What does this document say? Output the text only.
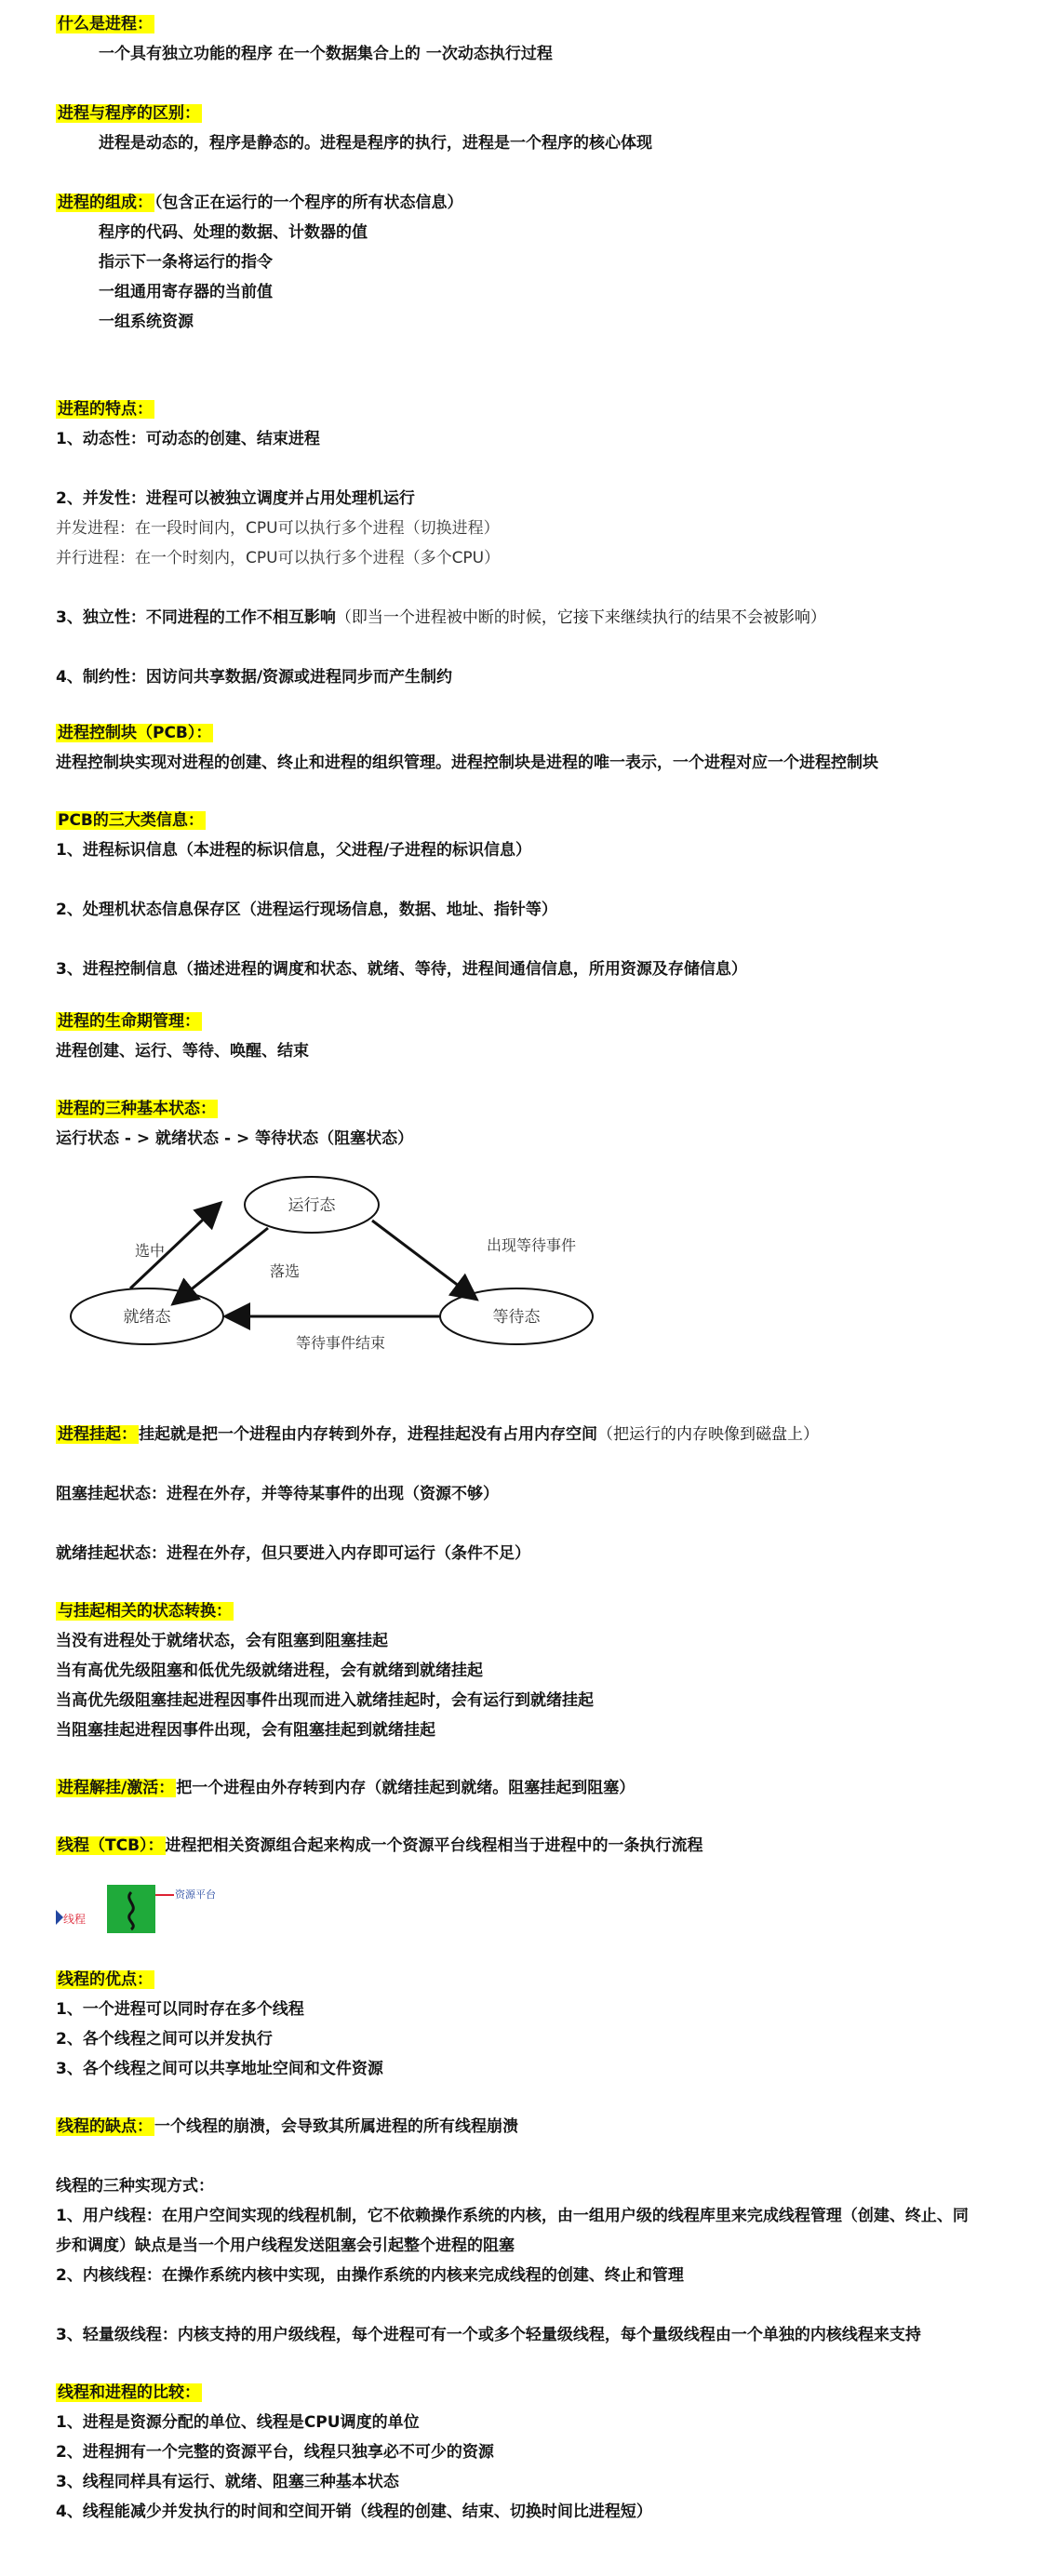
什么是进程：
一个具有独立功能的程序 在一个数据集合上的 一次动态执行过程
进程与程序的区别：
进程是动态的，程序是静态的。进程是程序的执行，进程是一个程序的核心体现
进程的组成： （包含正在运行的一个程序的所有状态信息）
程序的代码、处理的数据、计数器的值
指示下一条将运行的指令
一组通用寄存器的当前值
一组系统资源
进程的特点：
1、动态性：可动态的创建、结束进程
2、并发性：进程可以被独立调度并占用处理机运行
并发进程：在一段时间内，CPU可以执行多个进程（切换进程）
并行进程：在一个时刻内，CPU可以执行多个进程（多个CPU）
3、独立性：不同进程的工作不相互影响（即当一个进程被中断的时候，它接下来继续执行的结果不会被影响）
4、制约性：因访问共享数据/资源或进程同步而产生制约
进程控制块（PCB）：
进程控制块实现对进程的创建、终止和进程的组织管理。进程控制块是进程的唯一表示，一个进程对应一个进程控制块
PCB的三大类信息：
1、进程标识信息（本进程的标识信息，父进程/子进程的标识信息）
2、处理机状态信息保存区（进程运行现场信息，数据、地址、指针等）
3、进程控制信息（描述进程的调度和状态、就绪、等待，进程间通信信息，所用资源及存储信息）
进程的生命期管理：
进程创建、运行、等待、唤醒、结束
进程的三种基本状态：
运行状态 - > 就绪状态 - > 等待状态（阻塞状态）
运行态
就绪态	等待态
选中
落选
出现等待事件
等待事件结束
进程挂起： 挂起就是把一个进程由内存转到外存，进程挂起没有占用内存空间（把运行的内存映像到磁盘上）
阻塞挂起状态：进程在外存，并等待某事件的出现（资源不够）
就绪挂起状态：进程在外存，但只要进入内存即可运行（条件不足）
与挂起相关的状态转换：
当没有进程处于就绪状态，会有阻塞到阻塞挂起
当有高优先级阻塞和低优先级就绪进程，会有就绪到就绪挂起
当高优先级阻塞挂起进程因事件出现而进入就绪挂起时，会有运行到就绪挂起
当阻塞挂起进程因事件出现，会有阻塞挂起到就绪挂起
进程解挂/激活： 把一个进程由外存转到内存（就绪挂起到就绪。阻塞挂起到阻塞）
线程（TCB）： 进程把相关资源组合起来构成一个资源平台线程相当于进程中的一条执行流程
资源平台
线程
线程的优点：
1、一个进程可以同时存在多个线程
2、各个线程之间可以并发执行
3、各个线程之间可以共享地址空间和文件资源
线程的缺点： 一个线程的崩溃，会导致其所属进程的所有线程崩溃
线程的三种实现方式：
1、用户线程：在用户空间实现的线程机制，它不依赖操作系统的内核，由一组用户级的线程库里来完成线程管理（创建、终止、同
步和调度）缺点是当一个用户线程发送阻塞会引起整个进程的阻塞
2、内核线程：在操作系统内核中实现，由操作系统的内核来完成线程的创建、终止和管理
3、轻量级线程：内核支持的用户级线程，每个进程可有一个或多个轻量级线程，每个量级线程由一个单独的内核线程来支持
线程和进程的比较：
1、进程是资源分配的单位、线程是CPU调度的单位
2、进程拥有一个完整的资源平台，线程只独享必不可少的资源
3、线程同样具有运行、就绪、阻塞三种基本状态
4、线程能减少并发执行的时间和空间开销（线程的创建、结束、切换时间比进程短）
